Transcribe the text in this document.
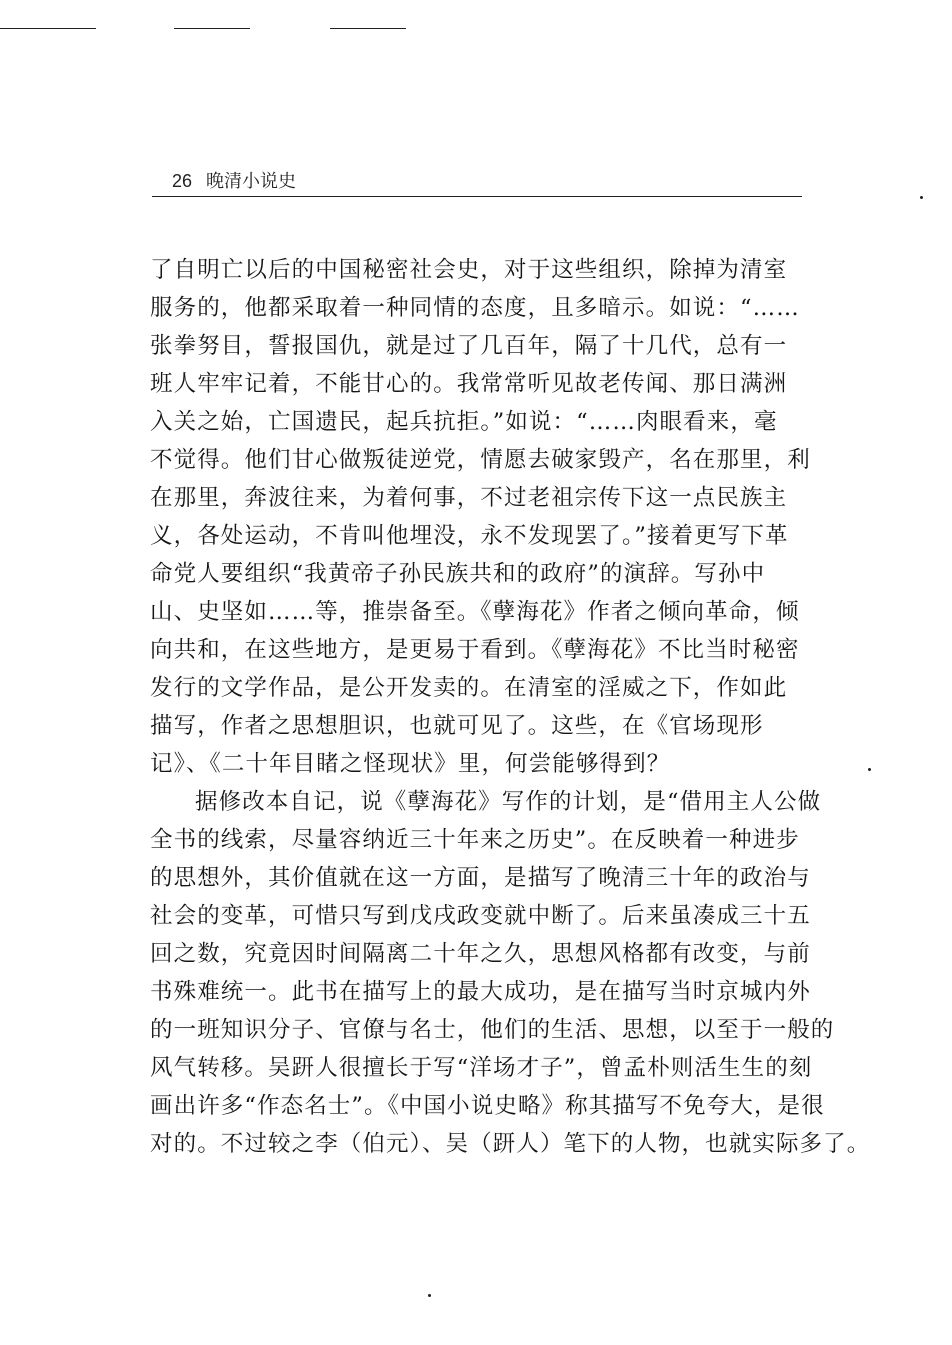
26 晚清小说史
了自明亡以后的中国秘密社会史，对于这些组织，除掉为清室
服务的，他都采取着一种同情的态度，且多暗示。如说：“……
张拳努目，誓报国仇，就是过了几百年，隔了十几代，总有一
班人牢牢记着，不能甘心的。我常常听见故老传闻、那日满洲
入关之始，亡国遗民，起兵抗拒。”如说：“……肉眼看来，毫
不觉得。他们甘心做叛徒逆党，情愿去破家毁产，名在那里，利
在那里，奔波往来，为着何事，不过老祖宗传下这一点民族主
义，各处运动，不肯叫他埋没，永不发现罢了。”接着更写下革
命党人要组织“我黄帝子孙民族共和的政府”的演辞。写孙中
山、史坚如……等，推崇备至。《孽海花》作者之倾向革命，倾
向共和，在这些地方，是更易于看到。《孽海花》不比当时秘密
发行的文学作品，是公开发卖的。在清室的淫威之下，作如此
描写，作者之思想胆识，也就可见了。这些，在《官场现形
记》、《二十年目睹之怪现状》里，何尝能够得到？
据修改本自记，说《孽海花》写作的计划，是“借用主人公做
全书的线索，尽量容纳近三十年来之历史”。在反映着一种进步
的思想外，其价值就在这一方面，是描写了晚清三十年的政治与
社会的变革，可惜只写到戊戌政变就中断了。后来虽凑成三十五
回之数，究竟因时间隔离二十年之久，思想风格都有改变，与前
书殊难统一。此书在描写上的最大成功，是在描写当时京城内外
的一班知识分子、官僚与名士，他们的生活、思想，以至于一般的
风气转移。吴趼人很擅长于写“洋场才子”，曾孟朴则活生生的刻
画出许多“作态名士”。《中国小说史略》称其描写不免夸大，是很
对的。不过较之李（伯元）、吴（趼人）笔下的人物，也就实际多了。
